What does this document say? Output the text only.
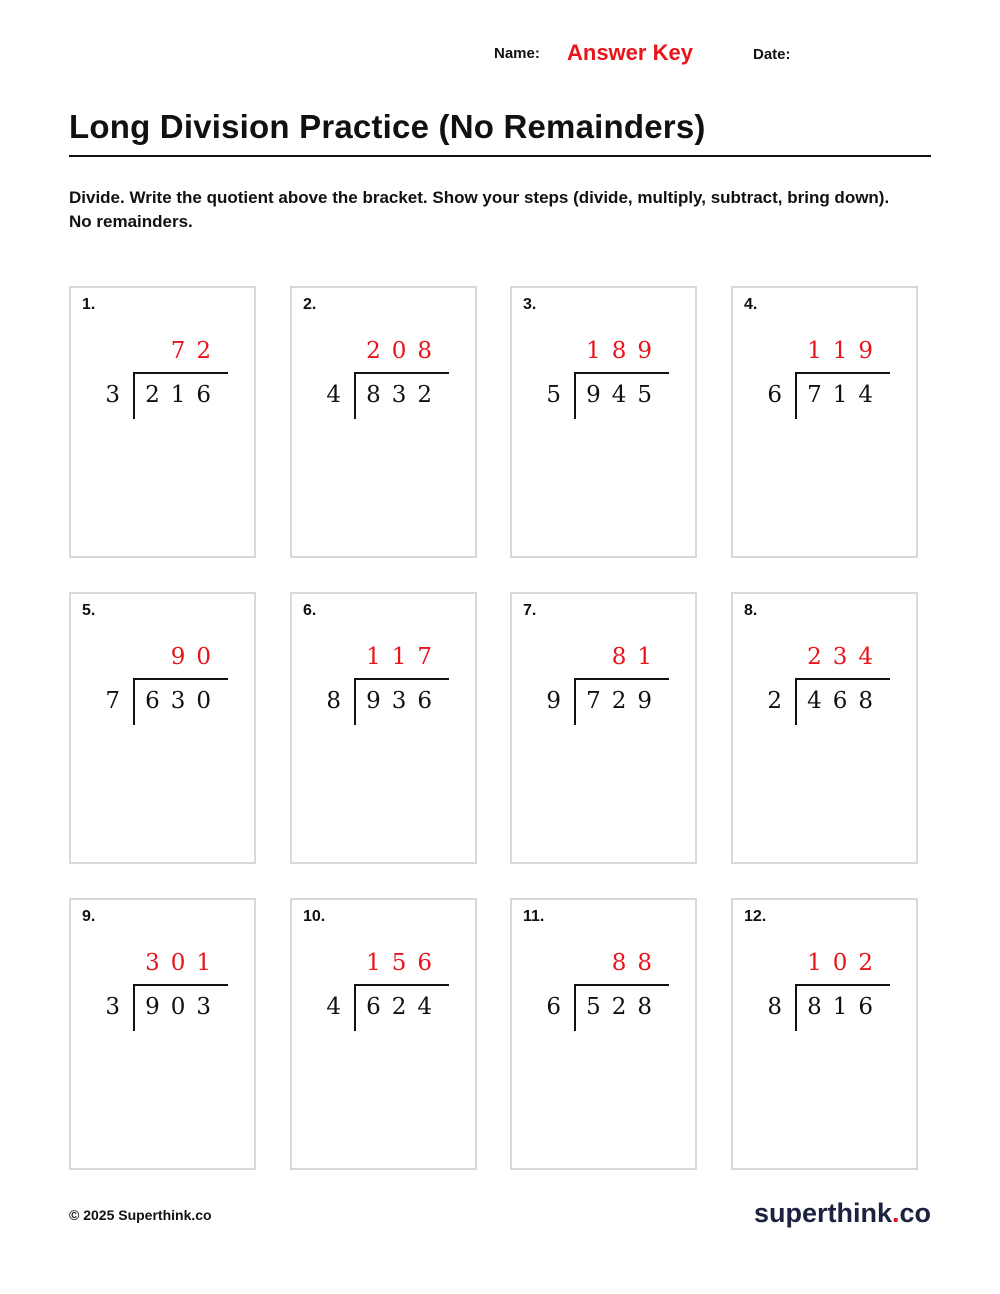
Name: Answer Key	Date:
Long Division Practice (No Remainders)
Divide. Write the quotient above the bracket. Show your steps (divide, multiply, subtract, bring down). No remainders.
1.
72
3 216
2.
208
4 832
3.
189
5 945
4.
119
6 714
5.
90
7 630
6.
117
8 936
7.
81
9 729
8.
234
2 468
9.
301
3 903
10.
156
4 624
11.
88
6 528
12.
102
8 816
© 2025 Superthink.co	superthink.co
